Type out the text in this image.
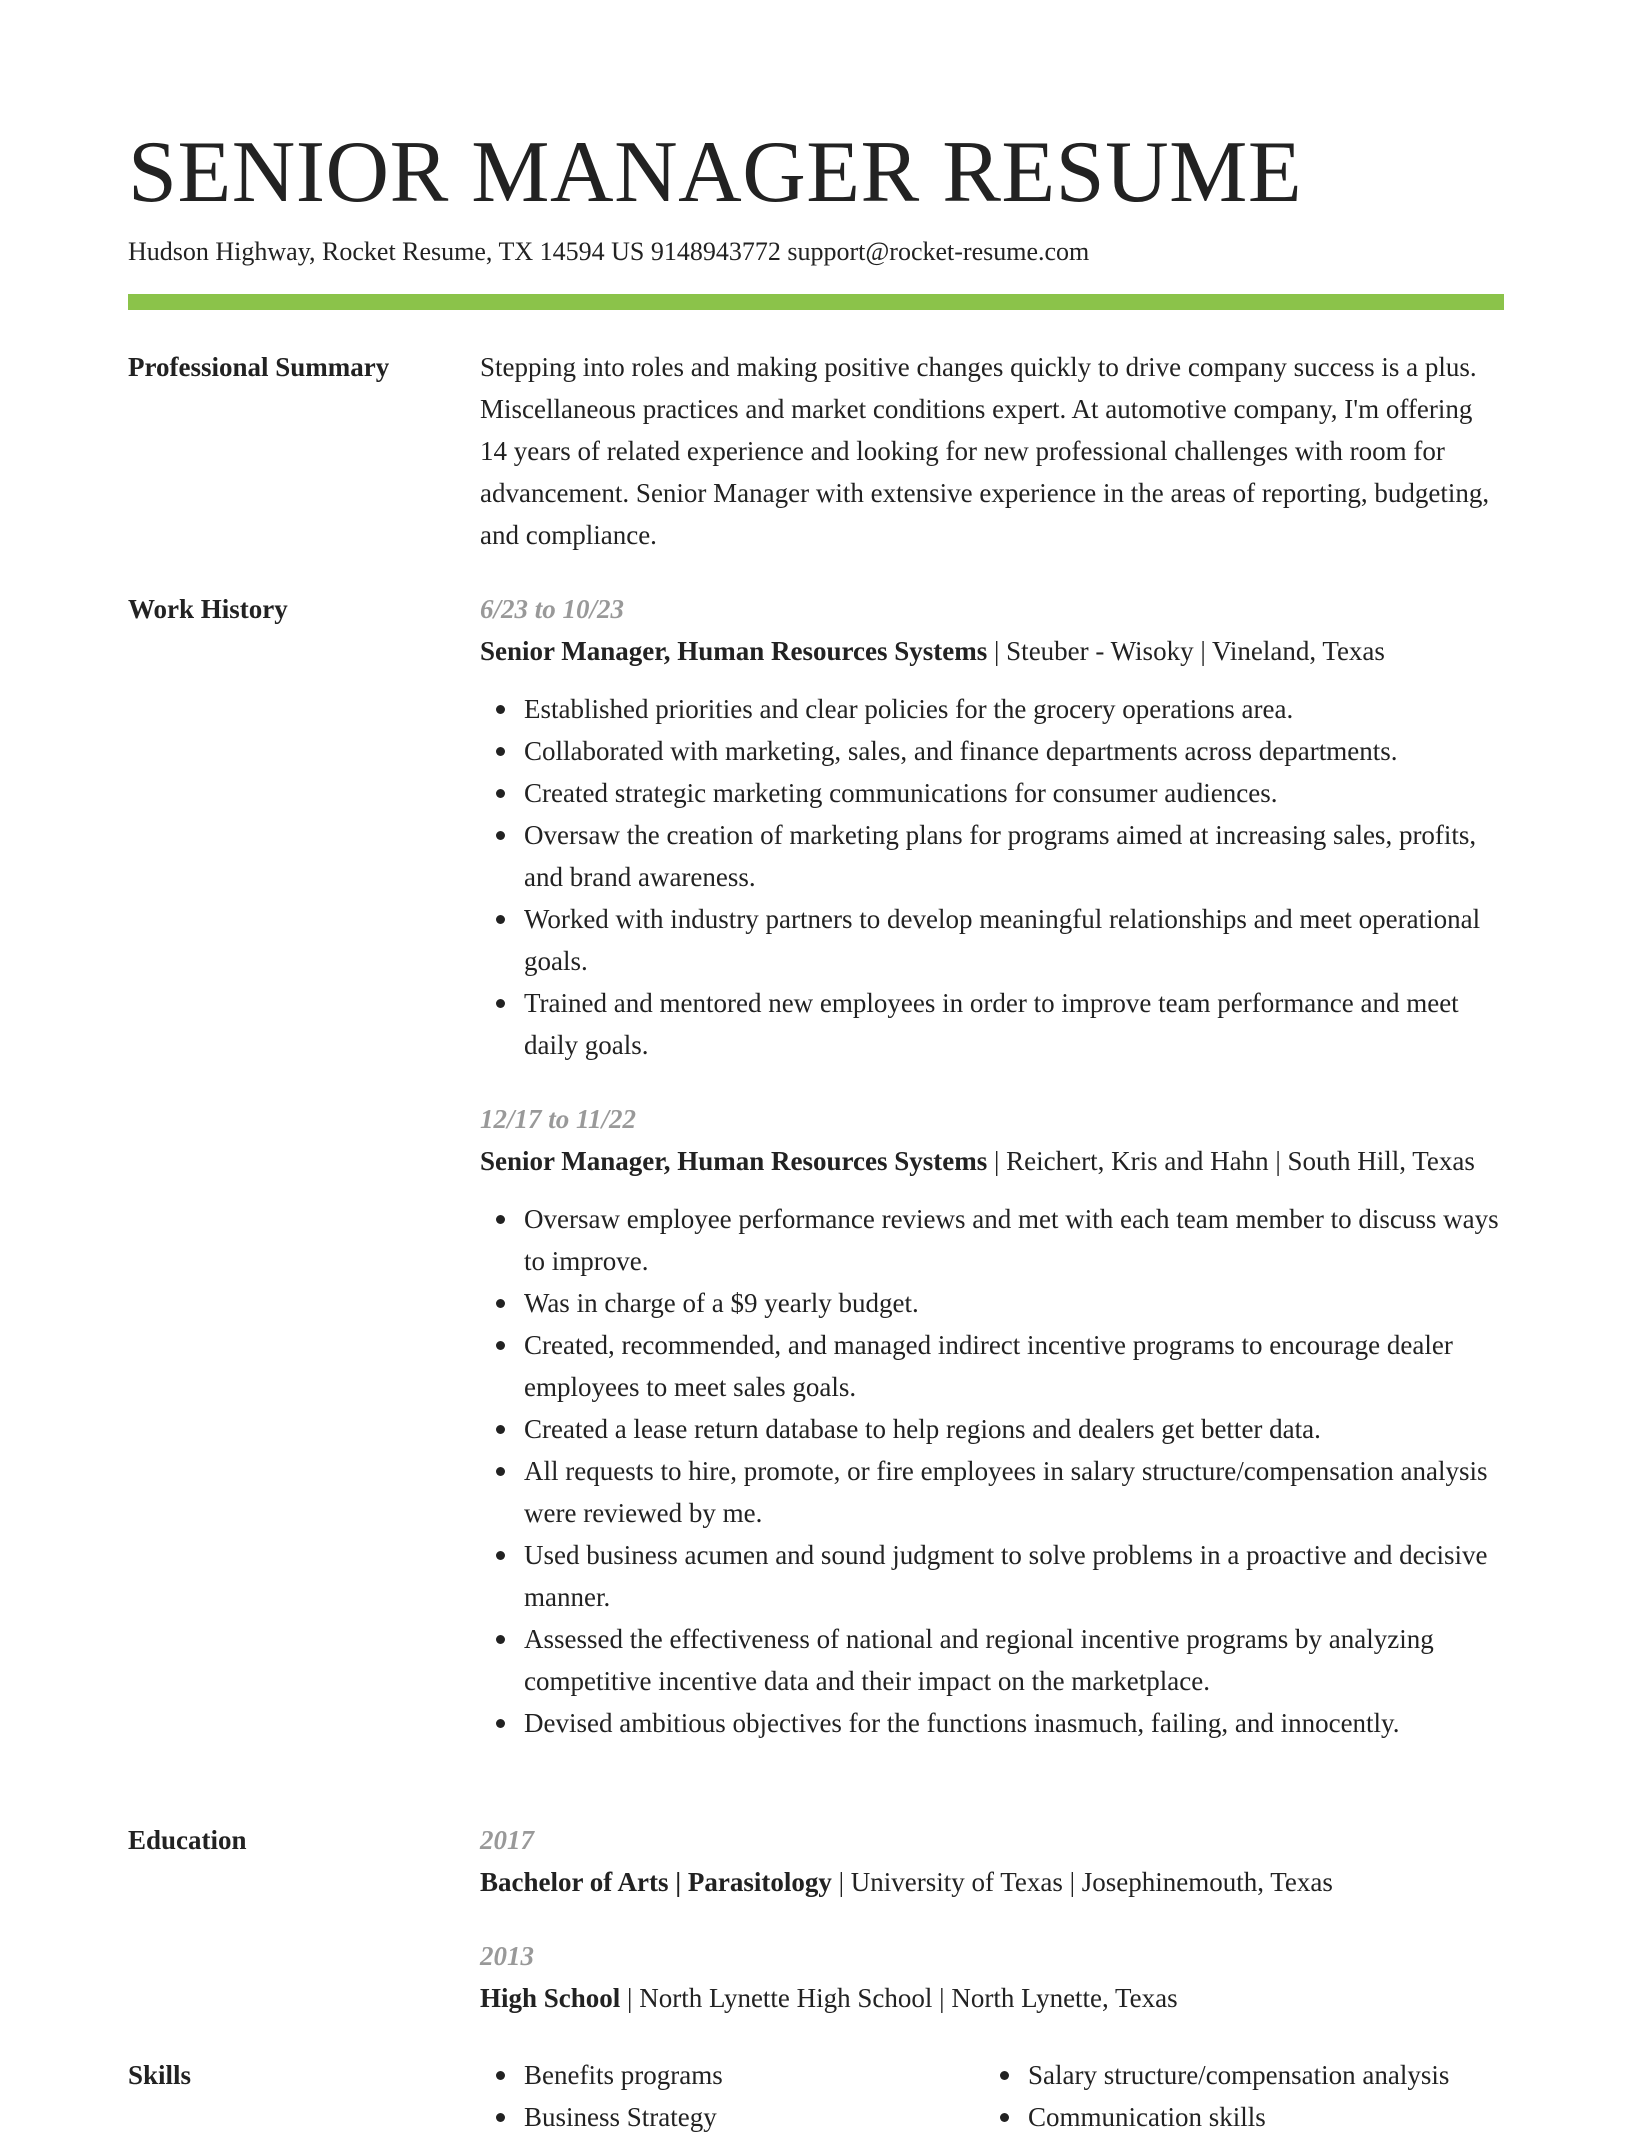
SENIOR MANAGER RESUME
Hudson Highway, Rocket Resume, TX 14594 US 9148943772 support@rocket-resume.com
Professional Summary	Stepping into roles and making positive changes quickly to drive company success is a plus. Miscellaneous practices and market conditions expert. At automotive company, I'm offering 14 years of related experience and looking for new professional challenges with room for advancement. Senior Manager with extensive experience in the areas of reporting, budgeting, and compliance.

Work History	6/23 to 10/23
Senior Manager, Human Resources Systems | Steuber - Wisoky | Vineland, Texas
Established priorities and clear policies for the grocery operations area.
Collaborated with marketing, sales, and finance departments across departments.
Created strategic marketing communications for consumer audiences.
Oversaw the creation of marketing plans for programs aimed at increasing sales, profits, and brand awareness.
Worked with industry partners to develop meaningful relationships and meet operational goals.
Trained and mentored new employees in order to improve team performance and meet daily goals.
12/17 to 11/22
Senior Manager, Human Resources Systems | Reichert, Kris and Hahn | South Hill, Texas
Oversaw employee performance reviews and met with each team member to discuss ways to improve.
Was in charge of a $9 yearly budget.
Created, recommended, and managed indirect incentive programs to encourage dealer employees to meet sales goals.
Created a lease return database to help regions and dealers get better data.
All requests to hire, promote, or fire employees in salary structure/compensation analysis were reviewed by me.
Used business acumen and sound judgment to solve problems in a proactive and decisive manner.
Assessed the effectiveness of national and regional incentive programs by analyzing competitive incentive data and their impact on the marketplace.
Devised ambitious objectives for the functions inasmuch, failing, and innocently.
Education	2017
Bachelor of Arts | Parasitology | University of Texas | Josephinemouth, Texas
2013
High School | North Lynette High School | North Lynette, Texas
Skills	Benefits programs
Business Strategy
Salary structure/compensation analysis
Communication skills
